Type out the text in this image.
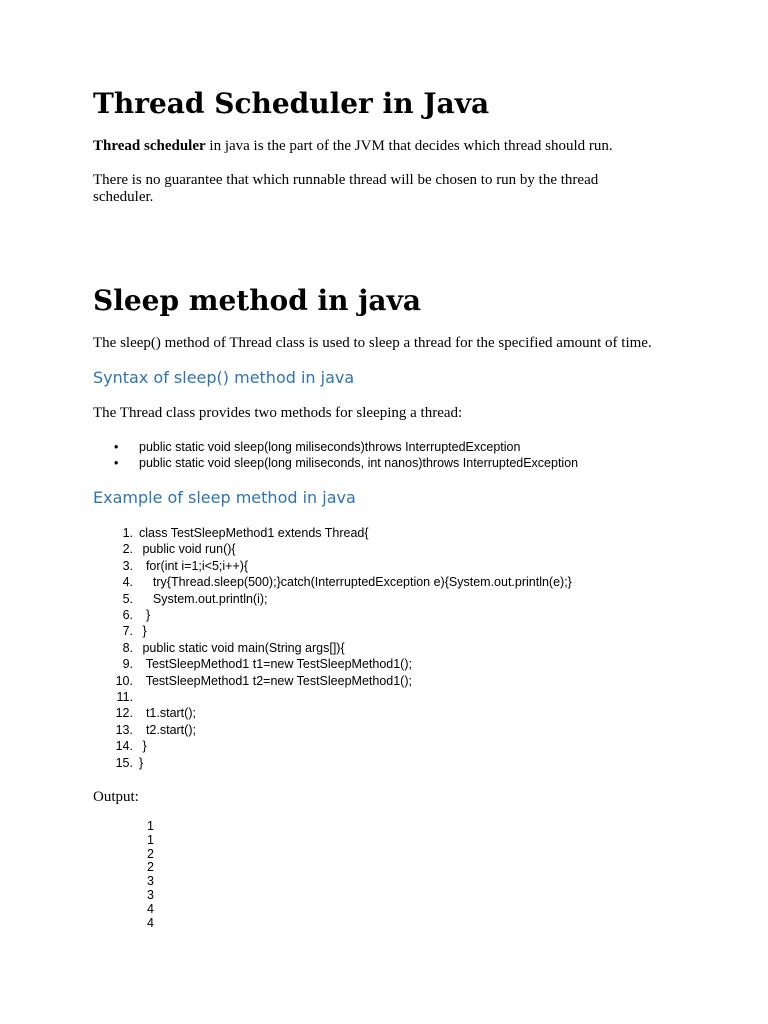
Thread Scheduler in Java

Thread scheduler in java is the part of the JVM that decides which thread should run.

There is no guarantee that which runnable thread will be chosen to run by the thread scheduler.

Sleep method in java

The sleep() method of Thread class is used to sleep a thread for the specified amount of time.

Syntax of sleep() method in java

The Thread class provides two methods for sleeping a thread:

• public static void sleep(long miliseconds)throws InterruptedException
• public static void sleep(long miliseconds, int nanos)throws InterruptedException
Example of sleep method in java
1. class TestSleepMethod1 extends Thread{
2. public void run(){
3. for(int i=1;i<5;i++){
4. try{Thread.sleep(500);}catch(InterruptedException e){System.out.println(e);}
5. System.out.println(i);
6. }
7. }
8. public static void main(String args[]){
9. TestSleepMethod1 t1=new TestSleepMethod1();
10. TestSleepMethod1 t2=new TestSleepMethod1();
11.

12. t1.start();
13. t2.start();
14. }
15. }

Output:

1
1
2
2
3
3
4
4
